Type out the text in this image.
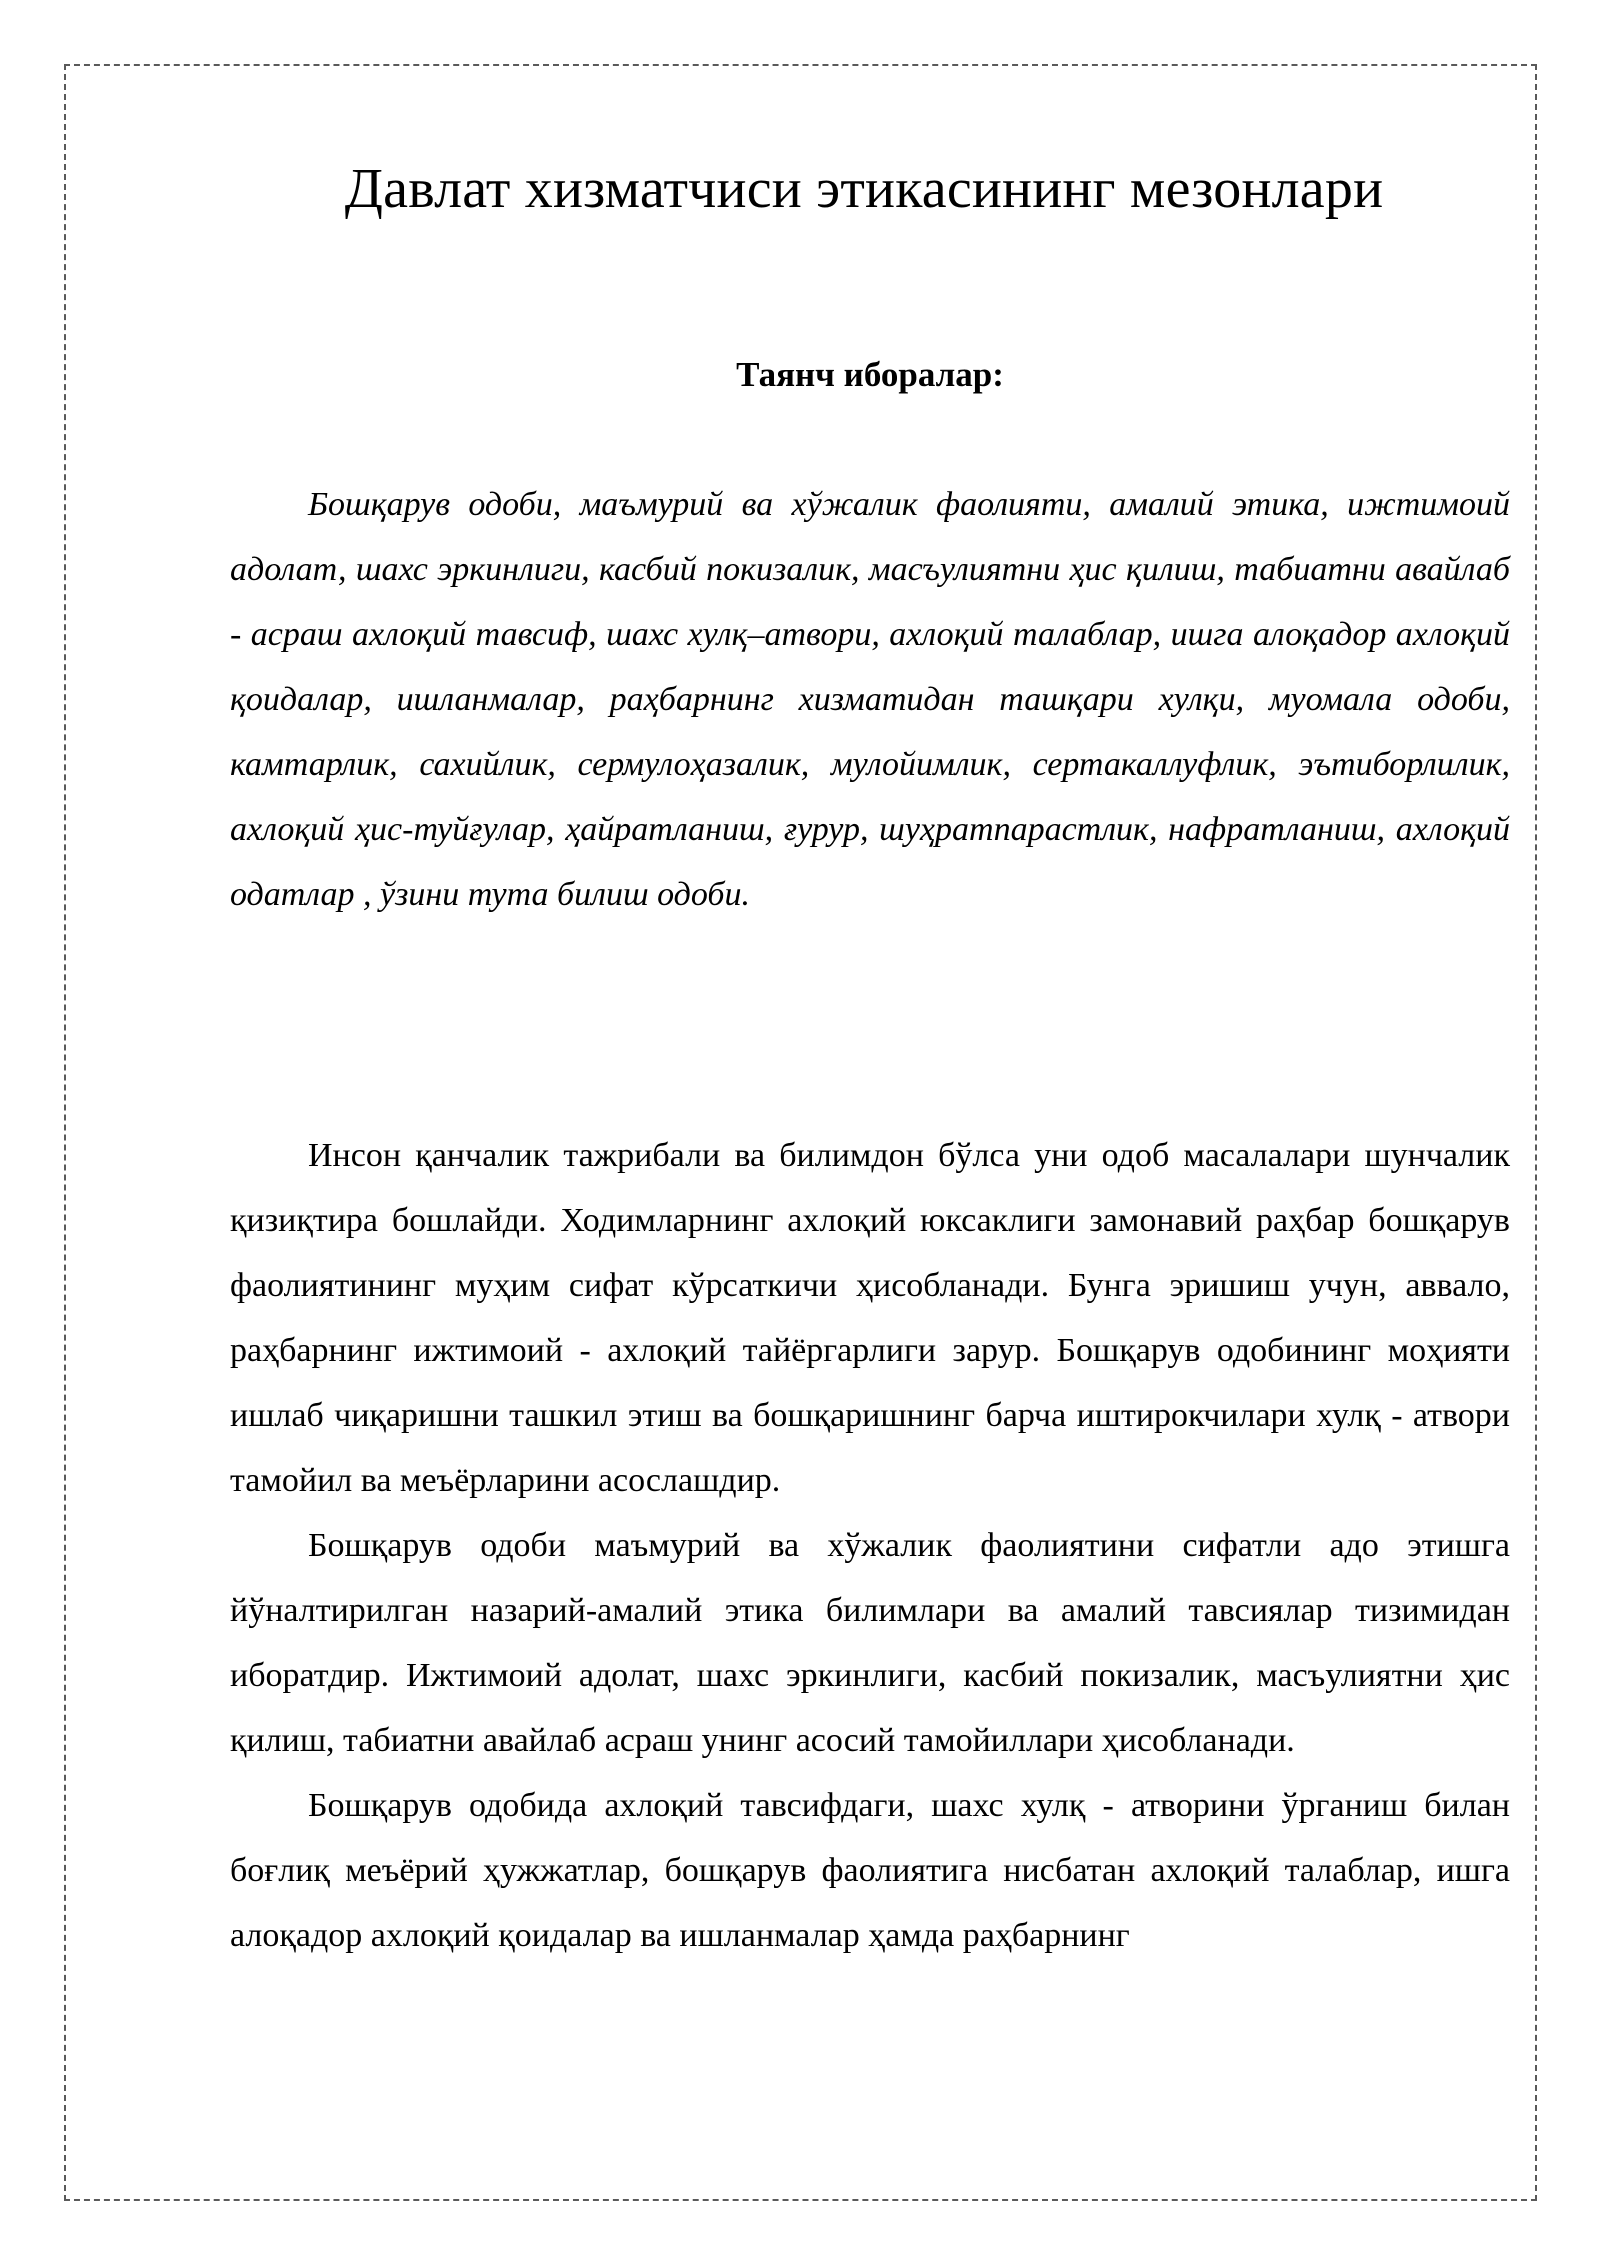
Давлат хизматчиси этикасининг мезонлари
Таянч иборалар:

Бошқарув одоби, маъмурий ва хўжалик фаолияти, амалий этика, ижтимоий адолат, шахс эркинлиги, касбий покизалик, масъулиятни ҳис қилиш, табиатни авайлаб - асраш ахлоқий тавсиф, шахс хулқ–атвори, ахлоқий талаблар, ишга алоқадор ахлоқий қоидалар, ишланмалар, раҳбарнинг хизматидан ташқари хулқи, муомала одоби, камтарлик, сахийлик, сермулоҳазалик, мулойимлик, сертакаллуфлик, эътиборлилик, ахлоқий ҳис-туйғулар, ҳайратланиш, ғурур, шуҳратпарастлик, нафратланиш, ахлоқий одатлар , ўзини тута билиш одоби.

Инсон қанчалик тажрибали ва билимдон бўлса уни одоб масалалари шунчалик қизиқтира бошлайди. Ходимларнинг ахлоқий юксаклиги замонавий раҳбар бошқарув фаолиятининг муҳим сифат кўрсаткичи ҳисобланади. Бунга эришиш учун, аввало, раҳбарнинг ижтимоий - ахлоқий тайёргарлиги зарур. Бошқарув одобининг моҳияти ишлаб чиқаришни ташкил этиш ва бошқаришнинг барча иштирокчилари хулқ - атвори тамойил ва меъёрларини асослашдир.

Бошқарув одоби маъмурий ва хўжалик фаолиятини сифатли адо этишга йўналтирилган назарий-амалий этика билимлари ва амалий тавсиялар тизимидан иборатдир. Ижтимоий адолат, шахс эркинлиги, касбий покизалик, масъулиятни ҳис қилиш, табиатни авайлаб асраш унинг асосий тамойиллари ҳисобланади.

Бошқарув одобида ахлоқий тавсифдаги, шахс хулқ - атворини ўрганиш билан боғлиқ меъёрий ҳужжатлар, бошқарув фаолиятига нисбатан ахлоқий талаблар, ишга алоқадор ахлоқий қоидалар ва ишланмалар ҳамда раҳбарнинг
